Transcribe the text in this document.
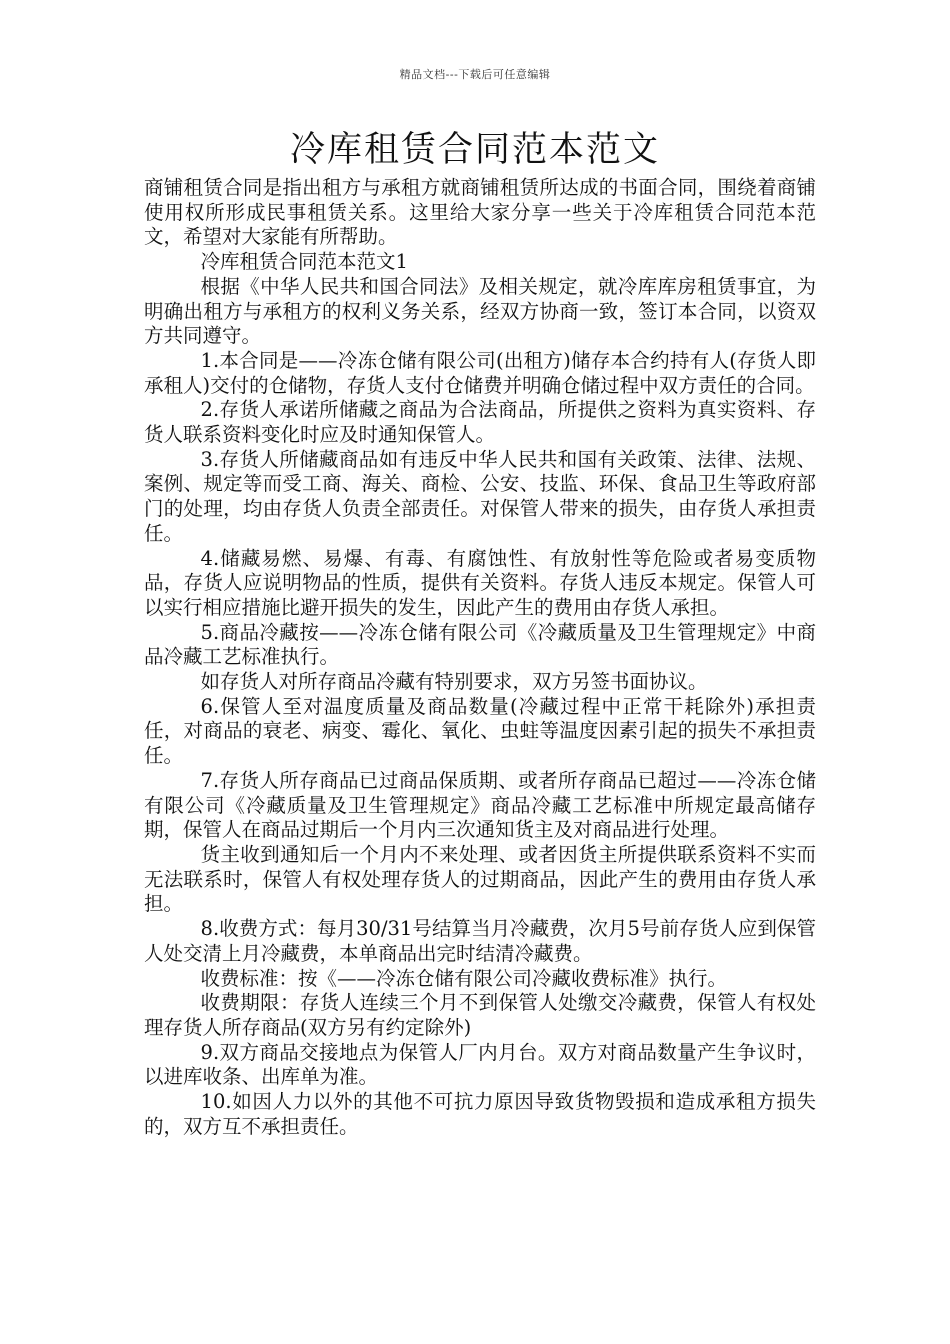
精品文档---下载后可任意编辑
冷库租赁合同范本范文

商铺租赁合同是指出租方与承租方就商铺租赁所达成的书面合同，围绕着商铺使用权所形成民事租赁关系。这里给大家分享一些关于冷库租赁合同范本范文，希望对大家能有所帮助。

冷库租赁合同范本范文1

根据《中华人民共和国合同法》及相关规定，就冷库库房租赁事宜，为明确出租方与承租方的权利义务关系，经双方协商一致，签订本合同，以资双方共同遵守。

1.本合同是——冷冻仓储有限公司(出租方)储存本合约持有人(存货人即承租人)交付的仓储物，存货人支付仓储费并明确仓储过程中双方责任的合同。

2.存货人承诺所储藏之商品为合法商品，所提供之资料为真实资料、存货人联系资料变化时应及时通知保管人。

3.存货人所储藏商品如有违反中华人民共和国有关政策、法律、法规、案例、规定等而受工商、海关、商检、公安、技监、环保、食品卫生等政府部门的处理，均由存货人负责全部责任。对保管人带来的损失，由存货人承担责任。

4.储藏易燃、易爆、有毒、有腐蚀性、有放射性等危险或者易变质物品，存货人应说明物品的性质，提供有关资料。存货人违反本规定。保管人可以实行相应措施比避开损失的发生，因此产生的费用由存货人承担。

5.商品冷藏按——冷冻仓储有限公司《冷藏质量及卫生管理规定》中商品冷藏工艺标准执行。

如存货人对所存商品冷藏有特别要求，双方另签书面协议。

6.保管人至对温度质量及商品数量(冷藏过程中正常干耗除外)承担责任，对商品的衰老、病变、霉化、氧化、虫蛀等温度因素引起的损失不承担责任。

7.存货人所存商品已过商品保质期、或者所存商品已超过——冷冻仓储有限公司《冷藏质量及卫生管理规定》商品冷藏工艺标准中所规定最高储存期，保管人在商品过期后一个月内三次通知货主及对商品进行处理。

货主收到通知后一个月内不来处理、或者因货主所提供联系资料不实而无法联系时，保管人有权处理存货人的过期商品，因此产生的费用由存货人承担。

8.收费方式：每月30/31号结算当月冷藏费，次月5号前存货人应到保管人处交清上月冷藏费，本单商品出完时结清冷藏费。

收费标准：按《——冷冻仓储有限公司冷藏收费标准》执行。

收费期限：存货人连续三个月不到保管人处缴交冷藏费，保管人有权处理存货人所存商品(双方另有约定除外)

9.双方商品交接地点为保管人厂内月台。双方对商品数量产生争议时，以进库收条、出库单为准。

10.如因人力以外的其他不可抗力原因导致货物毁损和造成承租方损失的，双方互不承担责任。
